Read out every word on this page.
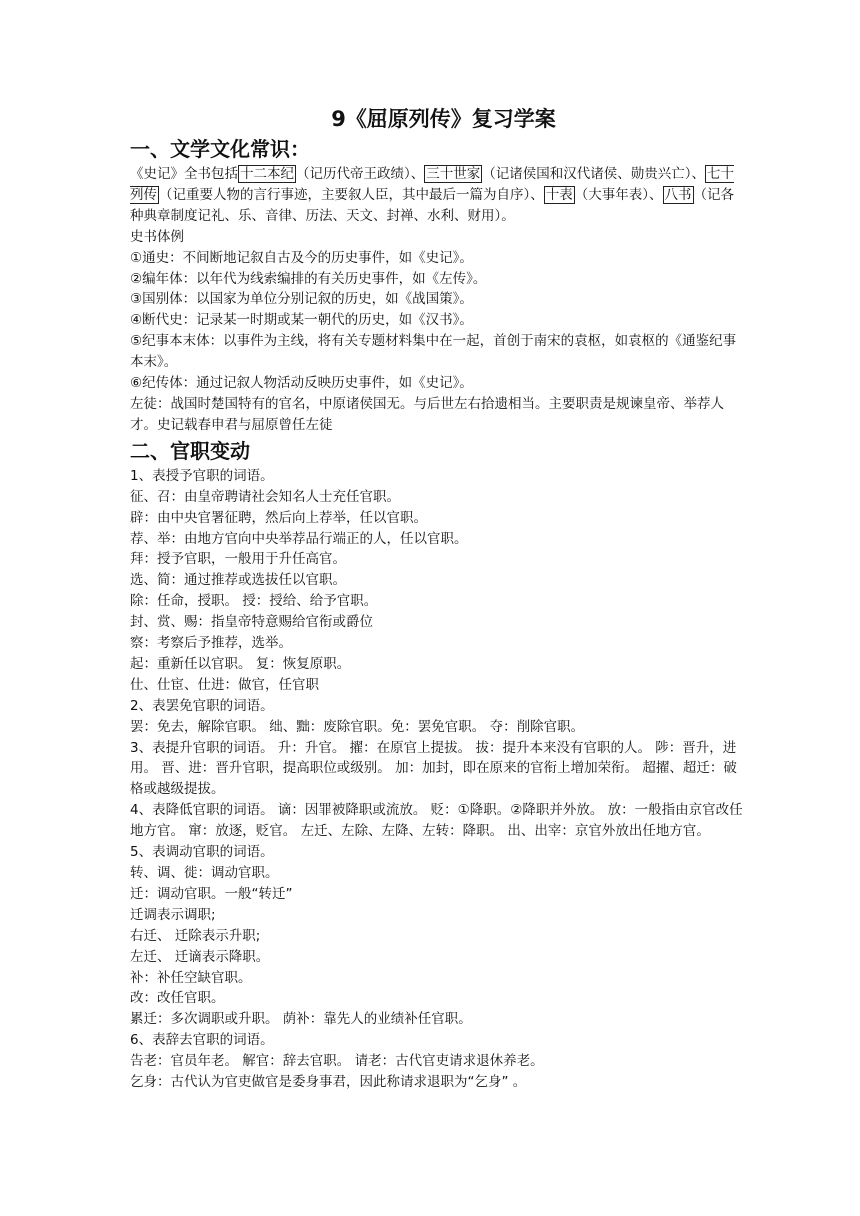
9《屈原列传》复习学案
一、文学文化常识：
《史记》全书包括 十二本纪 （记历代帝王政绩）、 三十世家 （记诸侯国和汉代诸侯、勋贵兴亡）、 七十列传 （记重要人物的言行事迹，主要叙人臣，其中最后一篇为自序）、 十表 （大事年表）、 八书 （记各种典章制度记礼、乐、音律、历法、天文、封禅、水利、财用）。
史书体例
①通史：不间断地记叙自古及今的历史事件，如《史记》。
②编年体：以年代为线索编排的有关历史事件，如《左传》。
③国别体：以国家为单位分别记叙的历史，如《战国策》。
④断代史：记录某一时期或某一朝代的历史，如《汉书》。
⑤纪事本末体：以事件为主线，将有关专题材料集中在一起，首创于南宋的袁枢，如袁枢的《通鉴纪事本末》。
⑥纪传体：通过记叙人物活动反映历史事件，如《史记》。
左徒：战国时楚国特有的官名，中原诸侯国无。与后世左右拾遗相当。主要职责是规谏皇帝、举荐人才。史记载春申君与屈原曾任左徒
二、官职变动
1、表授予官职的词语。
征、召：由皇帝聘请社会知名人士充任官职。
辟：由中央官署征聘，然后向上荐举，任以官职。
荐、举：由地方官向中央举荐品行端正的人，任以官职。
拜：授予官职，一般用于升任高官。
选、简：通过推荐或选拔任以官职。
除：任命，授职。 授：授给、给予官职。
封、赏、赐：指皇帝特意赐给官衔或爵位
察：考察后予推荐，选举。
起：重新任以官职。 复：恢复原职。
仕、仕宦、仕进：做官，任官职
2、表罢免官职的词语。
罢：免去，解除官职。 绌、黜：废除官职。免：罢免官职。 夺：削除官职。
3、表提升官职的词语。 升：升官。 擢：在原官上提拔。 拔：提升本来没有官职的人。 陟：晋升，进用。 晋、进：晋升官职，提高职位或级别。 加：加封，即在原来的官衔上增加荣衔。 超擢、超迁：破格或越级提拔。
4、表降低官职的词语。 谪：因罪被降职或流放。 贬：①降职。②降职并外放。 放：一般指由京官改任地方官。 窜：放逐，贬官。 左迁、左除、左降、左转：降职。 出、出宰：京官外放出任地方官。
5、表调动官职的词语。
转、调、徙：调动官职。
迁：调动官职。一般“转迁”
迁调表示调职;
右迁、 迁除表示升职;
左迁、 迁谪表示降职。
补：补任空缺官职。
改：改任官职。
累迁：多次调职或升职。 荫补：靠先人的业绩补任官职。
6、表辞去官职的词语。
告老：官员年老。 解官：辞去官职。 请老：古代官吏请求退休养老。
乞身：古代认为官吏做官是委身事君，因此称请求退职为“乞身” 。
